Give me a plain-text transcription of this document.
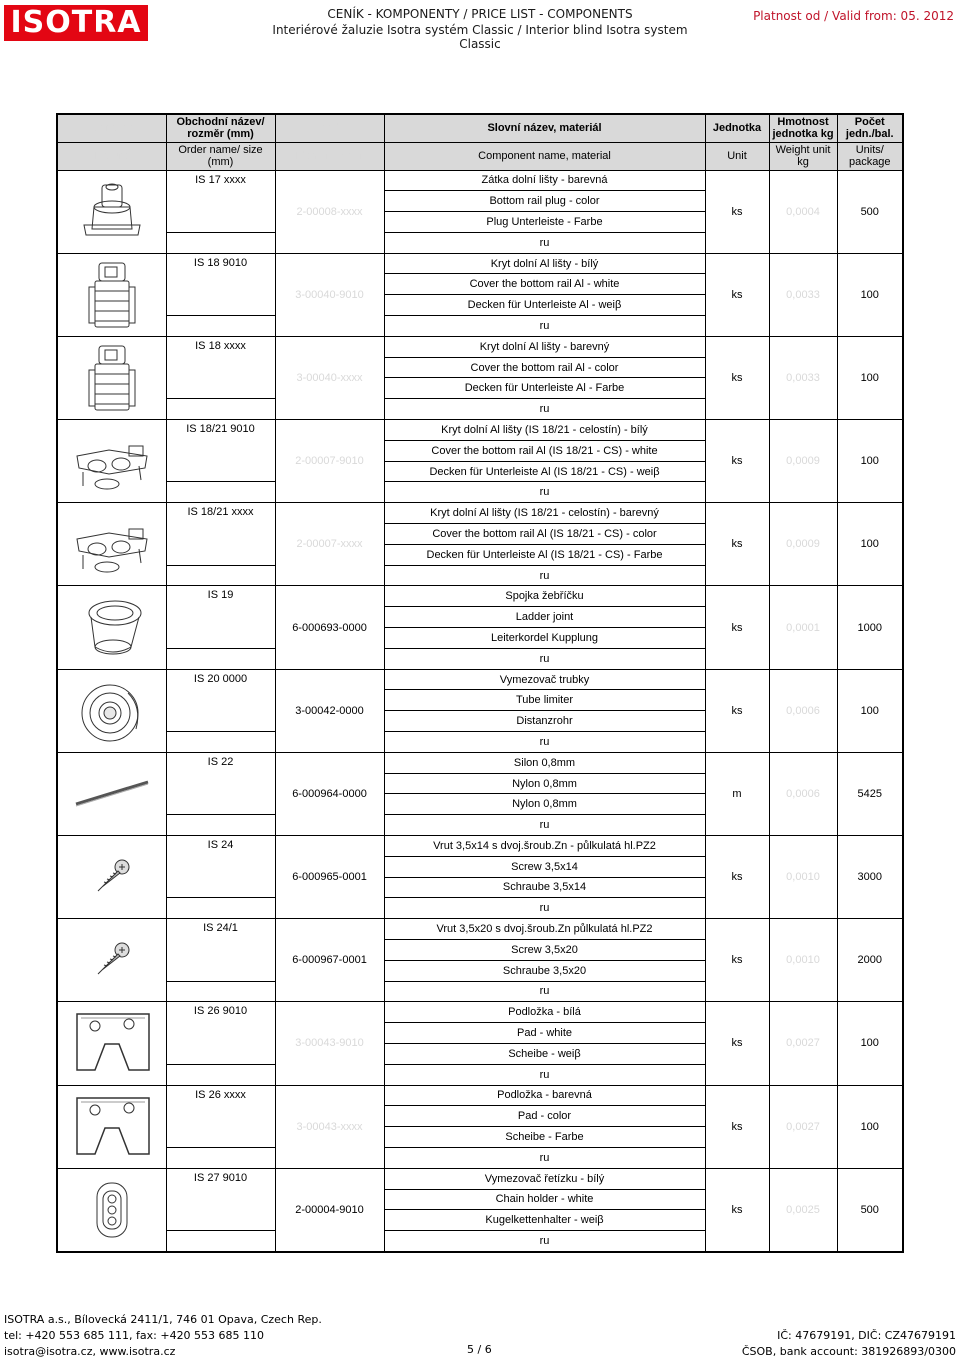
ISOTRA	CENÍK - KOMPONENTY / PRICE LIST - COMPONENTS
Interiérové žaluzie Isotra systém Classic / Interior blind Isotra system Classic
Platnost od / Valid from: 05. 2012
Obrázek	Obchodní název/ rozměr (mm)	Kód	Slovní název, materiál	Jednotka	Hmotnost jednotka kg	Počet jedn./bal.
Picture	Order name/ size (mm)	Ident. number	Component name, material	Unit	Weight unit kg	Units/ package

	IS 17 xxxx	2-00008-xxxx	Zátka dolní lišty - barevná	ks	0,0004	500
			Bottom rail plug - color			
			Plug Unterleiste - Farbe			
			ru			

	IS 18 9010	3-00040-9010	Kryt dolní Al lišty - bílý	ks	0,0033	100
			Cover the bottom rail Al - white			
			Decken für Unterleiste Al - weiβ			
			ru			

	IS 18 xxxx	3-00040-xxxx	Kryt dolní Al lišty - barevný	ks	0,0033	100
			Cover the bottom rail Al - color			
			Decken für Unterleiste Al - Farbe			
			ru			

	IS 18/21 9010	2-00007-9010	Kryt dolní Al lišty (IS 18/21 - celostín) - bílý	ks	0,0009	100
			Cover the bottom rail Al (IS 18/21 - CS) - white			
			Decken für Unterleiste Al (IS 18/21 - CS) - weiβ			
			ru			

	IS 18/21 xxxx	2-00007-xxxx	Kryt dolní Al lišty (IS 18/21 - celostín) - barevný	ks	0,0009	100
			Cover the bottom rail Al (IS 18/21 - CS) - color			
			Decken für Unterleiste Al (IS 18/21 - CS) - Farbe			
			ru			

	IS 19	6-000693-0000	Spojka žebříčku	ks	0,0001	1000
			Ladder joint			
			Leiterkordel Kupplung			
			ru			

	IS 20 0000	3-00042-0000	Vymezovač trubky	ks	0,0006	100
			Tube limiter			
			Distanzrohr			
			ru			

	IS 22	6-000964-0000	Silon 0,8mm	m	0,0006	5425
			Nylon 0,8mm			
			Nylon 0,8mm			
			ru			

	IS 24	6-000965-0001	Vrut 3,5x14 s dvoj.šroub.Zn - půlkulatá hl.PZ2	ks	0,0010	3000
			Screw 3,5x14			
			Schraube 3,5x14			
			ru			

	IS 24/1	6-000967-0001	Vrut 3,5x20 s dvoj.šroub.Zn půlkulatá hl.PZ2	ks	0,0010	2000
			Screw 3,5x20			
			Schraube 3,5x20			
			ru			

	IS 26 9010	3-00043-9010	Podložka - bílá	ks	0,0027	100
			Pad - white			
			Scheibe - weiβ			
			ru			

	IS 26 xxxx	3-00043-xxxx	Podložka - barevná	ks	0,0027	100
			Pad - color			
			Scheibe - Farbe			
			ru			

	IS 27 9010	2-00004-9010	Vymezovač řetízku - bílý	ks	0,0025	500
			Chain holder - white			
			Kugelkettenhalter - weiβ			
			ru			
ISOTRA a.s., Bílovecká 2411/1, 746 01 Opava, Czech Rep.
tel: +420 553 685 111, fax: +420 553 685 110
isotra@isotra.cz, www.isotra.cz	5 / 6
IČ: 47679191, DIČ: CZ47679191
ČSOB, bank account: 381926893/0300
